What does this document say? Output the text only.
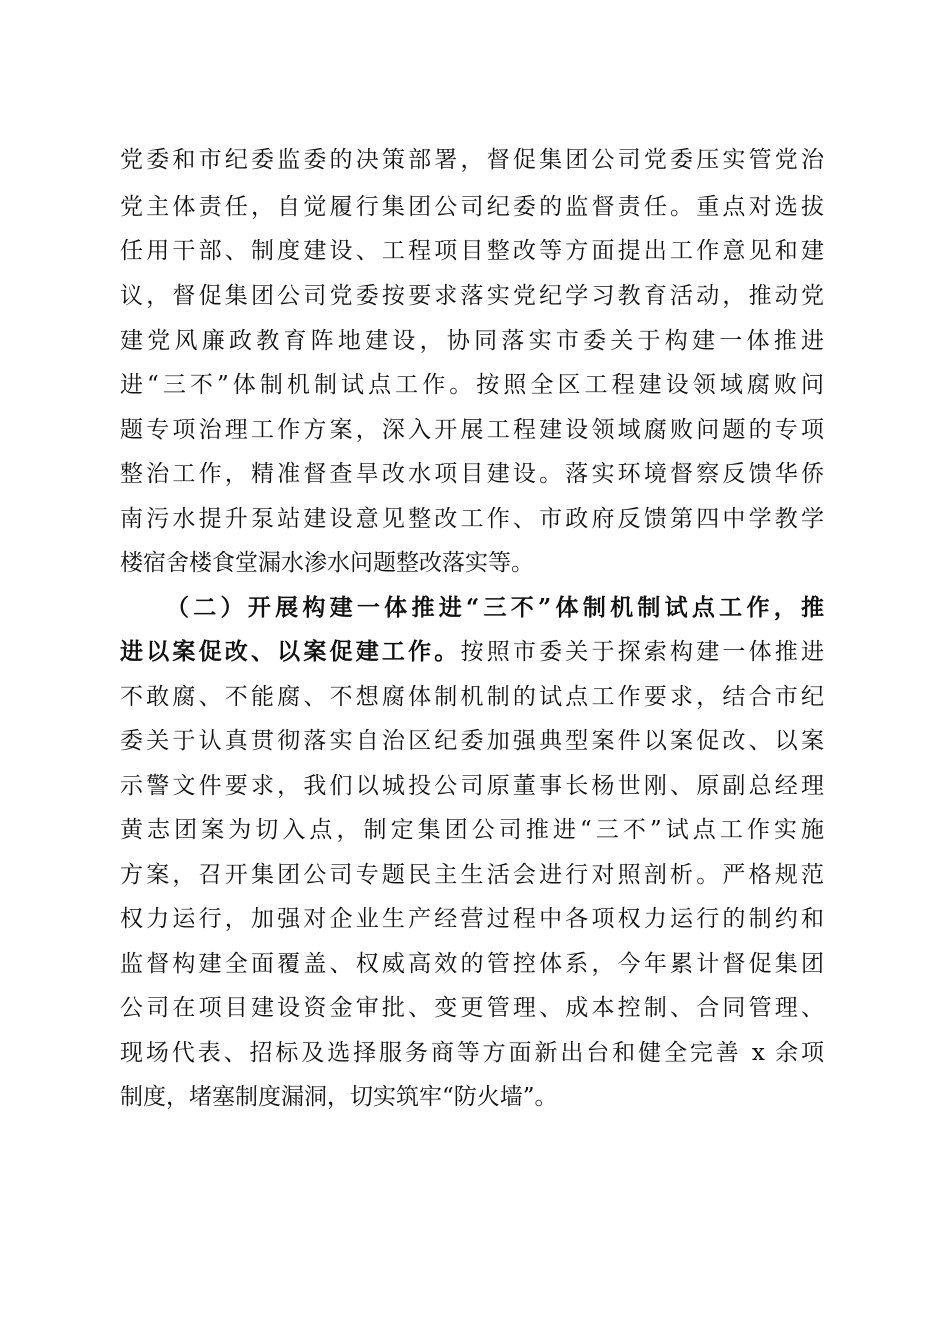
党委和市纪委监委的决策部署，督促集团公司党委压实管党治
党主体责任，自觉履行集团公司纪委的监督责任。重点对选拔
任用干部、制度建设、工程项目整改等方面提出工作意见和建
议，督促集团公司党委按要求落实党纪学习教育活动，推动党
建党风廉政教育阵地建设，协同落实市委关于构建一体推进
进“三不”体制机制试点工作。按照全区工程建设领域腐败问
题专项治理工作方案，深入开展工程建设领域腐败问题的专项
整治工作，精准督查旱改水项目建设。落实环境督察反馈华侨
南污水提升泵站建设意见整改工作、市政府反馈第四中学教学
楼宿舍楼食堂漏水渗水问题整改落实等。
（二）开展构建一体推进“三不”体制机制试点工作，推
进以案促改、以案促建工作。按照市委关于探索构建一体推进
不敢腐、不能腐、不想腐体制机制的试点工作要求，结合市纪
委关于认真贯彻落实自治区纪委加强典型案件以案促改、以案
示警文件要求，我们以城投公司原董事长杨世刚、原副总经理
黄志团案为切入点，制定集团公司推进“三不”试点工作实施
方案，召开集团公司专题民主生活会进行对照剖析。严格规范
权力运行，加强对企业生产经营过程中各项权力运行的制约和
监督构建全面覆盖、权威高效的管控体系，今年累计督促集团
公司在项目建设资金审批、变更管理、成本控制、合同管理、
现场代表、招标及选择服务商等方面新出台和健全完善 x 余项
制度，堵塞制度漏洞，切实筑牢“防火墙”。
